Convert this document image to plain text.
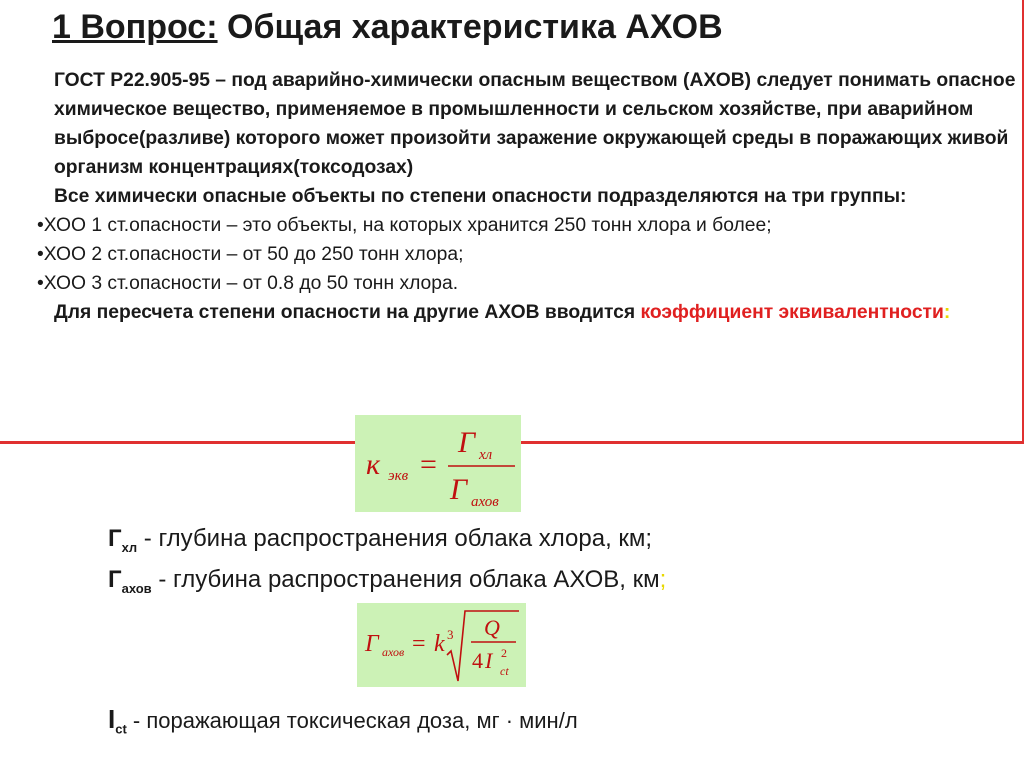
1 Вопрос: Общая характеристика АХОВ

ГОСТ Р22.905-95 – под аварийно-химически опасным веществом (АХОВ) следует понимать опасное химическое вещество, применяемое в промышленности и сельском хозяйстве, при аварийном выбросе(разливе) которого может произойти заражение окружающей среды в поражающих живой организм концентрациях(токсодозах)

Все химически опасные объекты по степени опасности подразделяются на три группы:

•ХОО 1 ст.опасности – это объекты, на которых хранится 250 тонн хлора и более;

•ХОО 2 ст.опасности – от 50 до 250 тонн хлора;

•ХОО 3 ст.опасности – от 0.8 до 50 тонн хлора.

Для пересчета степени опасности на другие АХОВ вводится коэффициент эквивалентности:

к экв =
Г хл
Г ахов
$Г_{хл}$ - глубина распространения облака хлора, км;
$Г_{ахов}$ - глубина распространения облака АХОВ, км;
Г ахов = k 3 Q
4 I 2
ct
$I_{ct}$ - поражающая токсическая доза, мг · мин/л
